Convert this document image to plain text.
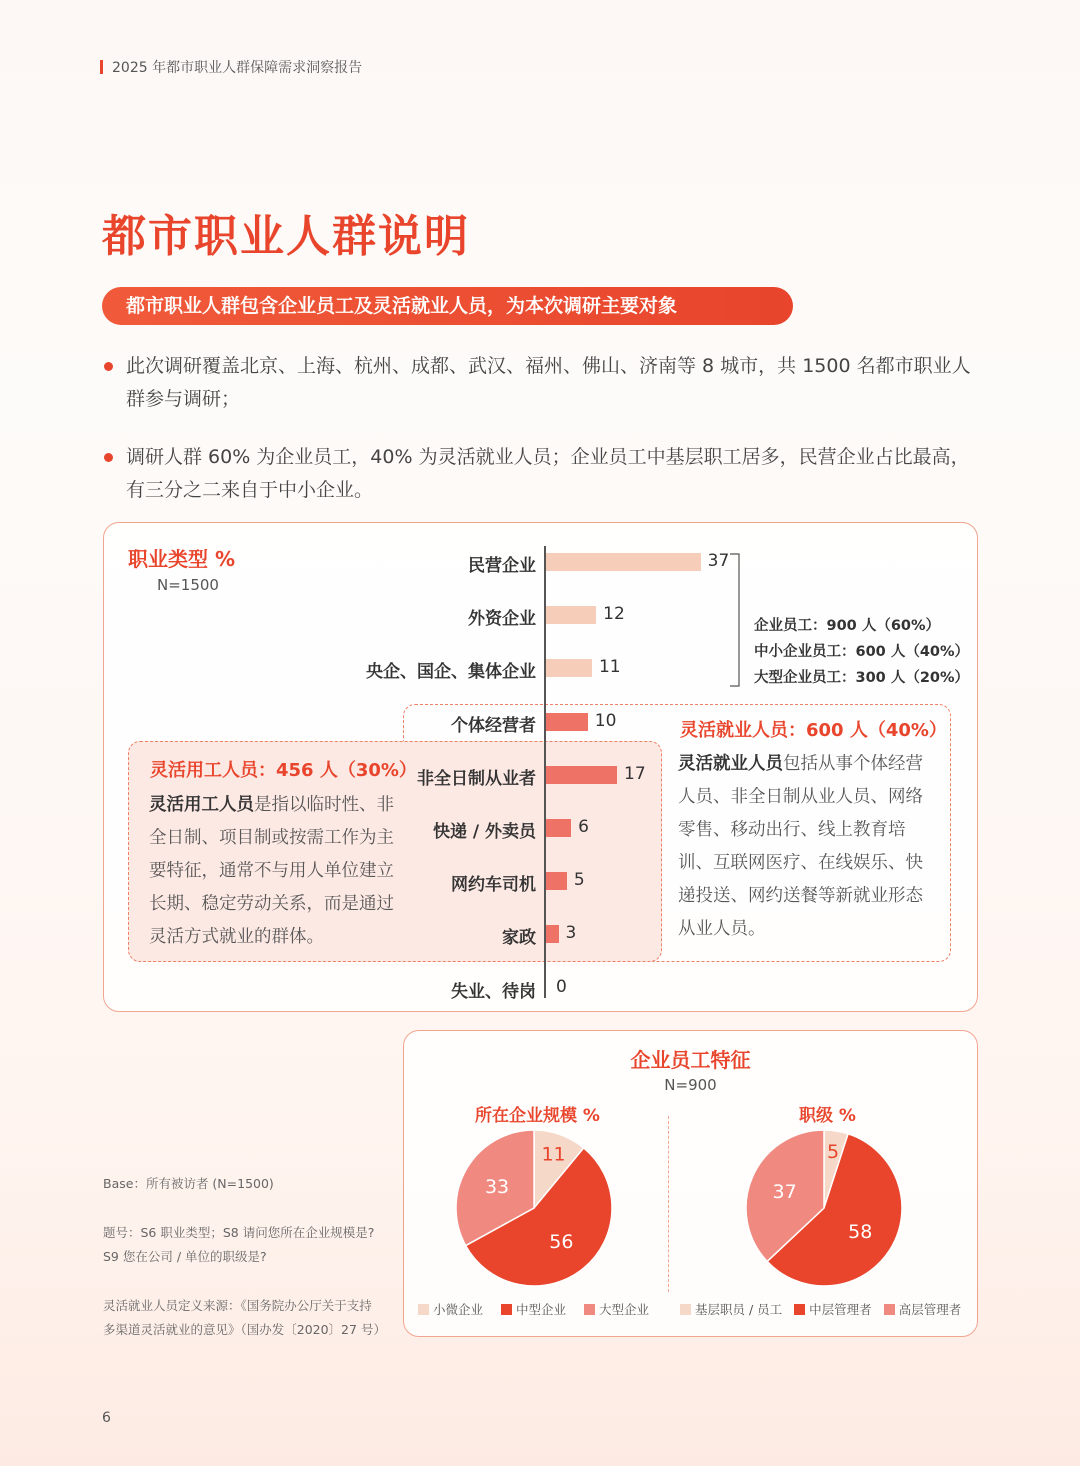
2025 年都市职业人群保障需求洞察报告
都市职业人群说明
都市职业人群包含企业员工及灵活就业人员，为本次调研主要对象
此次调研覆盖北京、上海、杭州、成都、武汉、福州、佛山、济南等 8 城市，共 1500 名都市职业人群参与调研；
调研人群 60% 为企业员工，40% 为灵活就业人员；企业员工中基层职工居多，民营企业占比最高，有三分之二来自于中小企业。
职业类型 %
N=1500
民营企业	37
外资企业	12
央企、国企、集体企业	11
个体经营者	10
非全日制从业者	17
快递 / 外卖员 6
网约车司机 5
家政 3
失业、待岗 0
企业员工：900 人（60%）
中小企业员工：600 人（40%）
大型企业员工：300 人（20%）
灵活就业人员：600 人（40%）
灵活就业人员包括从事个体经营人员、非全日制从业人员、网络零售、移动出行、线上教育培训、互联网医疗、在线娱乐、快递投送、网约送餐等新就业形态从业人员。
灵活用工人员：456 人（30%）
灵活用工人员是指以临时性、非全日制、项目制或按需工作为主要特征，通常不与用人单位建立长期、稳定劳动关系，而是通过灵活方式就业的群体。
企业员工特征
N=900
所在企业规模 %	职级 %
11
56
33
5
58
37
小微企业	中型企业	大型企业	基层职员 / 员工 中层管理者 高层管理者
Base：所有被访者 (N=1500)
题号：S6 职业类型；S8 请问您所在企业规模是?
S9 您在公司 / 单位的职级是?
灵活就业人员定义来源：《国务院办公厅关于支持
多渠道灵活就业的意见》（国办发〔2020〕27 号）
6
